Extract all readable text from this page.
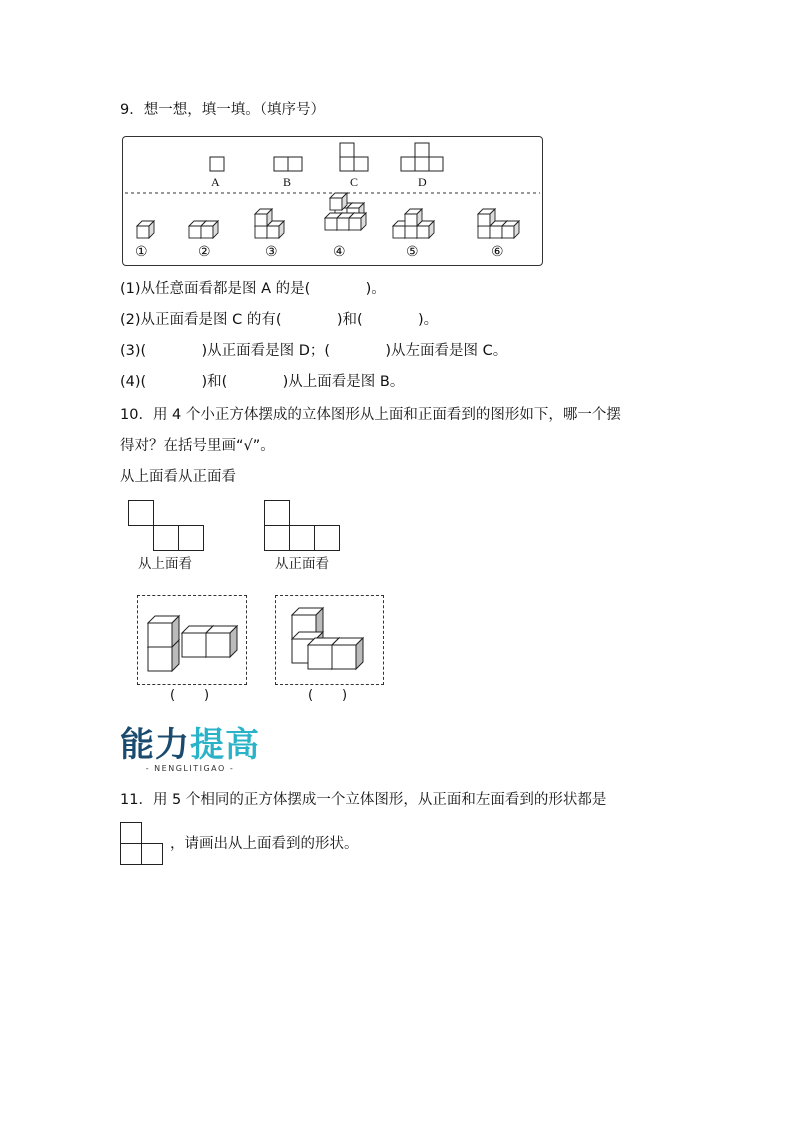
9．想一想，填一填。（填序号）
A	B	C	D
①	②	③	④	⑤	⑥
(1)从任意面看都是图 A 的是(            )。
(2)从正面看是图 C 的有(            )和(            )。
(3)(            )从正面看是图 D；(            )从左面看是图 C。
(4)(            )和(            )从上面看是图 B。
10．用 4 个小正方体摆成的立体图形从上面和正面看到的图形如下，哪一个摆
得对？在括号里画“√”。
从上面看从正面看
从上面看	从正面看
(       )	(       )
能力提高
- NENGLITIGAO -
11．用 5 个相同的正方体摆成一个立体图形，从正面和左面看到的形状都是
，请画出从上面看到的形状。
